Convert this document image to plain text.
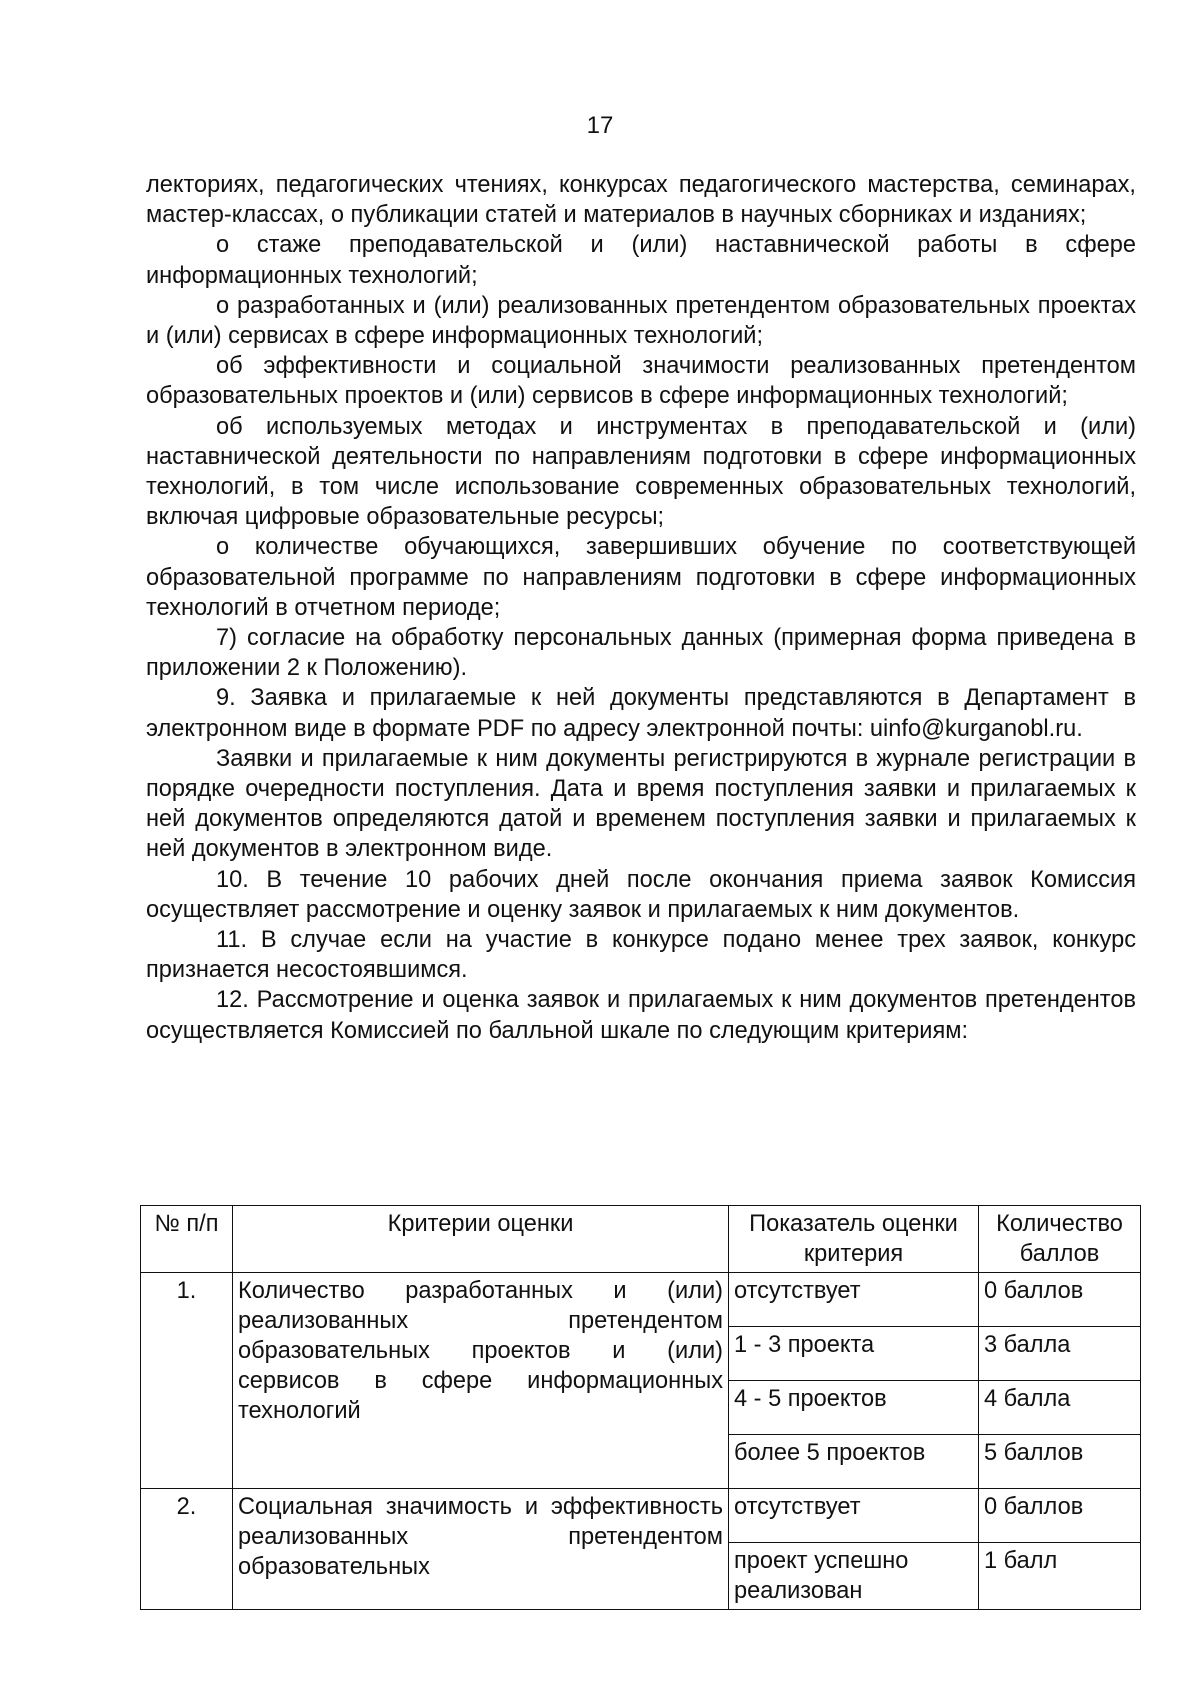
17

лекториях, педагогических чтениях, конкурсах педагогического мастерства, семинарах, мастер-классах, о публикации статей и материалов в научных сборниках и изданиях;

о стаже преподавательской и (или) наставнической работы в сфере информационных технологий;

о разработанных и (или) реализованных претендентом образовательных проектах и (или) сервисах в сфере информационных технологий;

об эффективности и социальной значимости реализованных претендентом образовательных проектов и (или) сервисов в сфере информационных технологий;

об используемых методах и инструментах в преподавательской и (или) наставнической деятельности по направлениям подготовки в сфере информационных технологий, в том числе использование современных образовательных технологий, включая цифровые образовательные ресурсы;

о количестве обучающихся, завершивших обучение по соответствующей образовательной программе по направлениям подготовки в сфере информационных технологий в отчетном периоде;

7) согласие на обработку персональных данных (примерная форма приведена в приложении 2 к Положению).

9. Заявка и прилагаемые к ней документы представляются в Департамент в электронном виде в формате PDF по адресу электронной почты: uinfo@kurganobl.ru.

Заявки и прилагаемые к ним документы регистрируются в журнале регистрации в порядке очередности поступления. Дата и время поступления заявки и прилагаемых к ней документов определяются датой и временем поступления заявки и прилагаемых к ней документов в электронном виде.

10. В течение 10 рабочих дней после окончания приема заявок Комиссия осуществляет рассмотрение и оценку заявок и прилагаемых к ним документов.

11. В случае если на участие в конкурсе подано менее трех заявок, конкурс признается несостоявшимся.

12. Рассмотрение и оценка заявок и прилагаемых к ним документов претендентов осуществляется Комиссией по балльной шкале по следующим критериям:

№ п/п	Критерии оценки	Показатель оценки критерия	Количество баллов
1.	Количество разработанных и (или) реализованных претендентом образовательных проектов и (или) сервисов в сфере информационных технологий	отсутствует	0 баллов
		1 - 3 проекта	3 балла
		4 - 5 проектов	4 балла
		более 5 проектов	5 баллов
2.	Социальная значимость и эффективность реализованных претендентом образовательных	отсутствует	0 баллов
		проект успешно реализован	1 балл
